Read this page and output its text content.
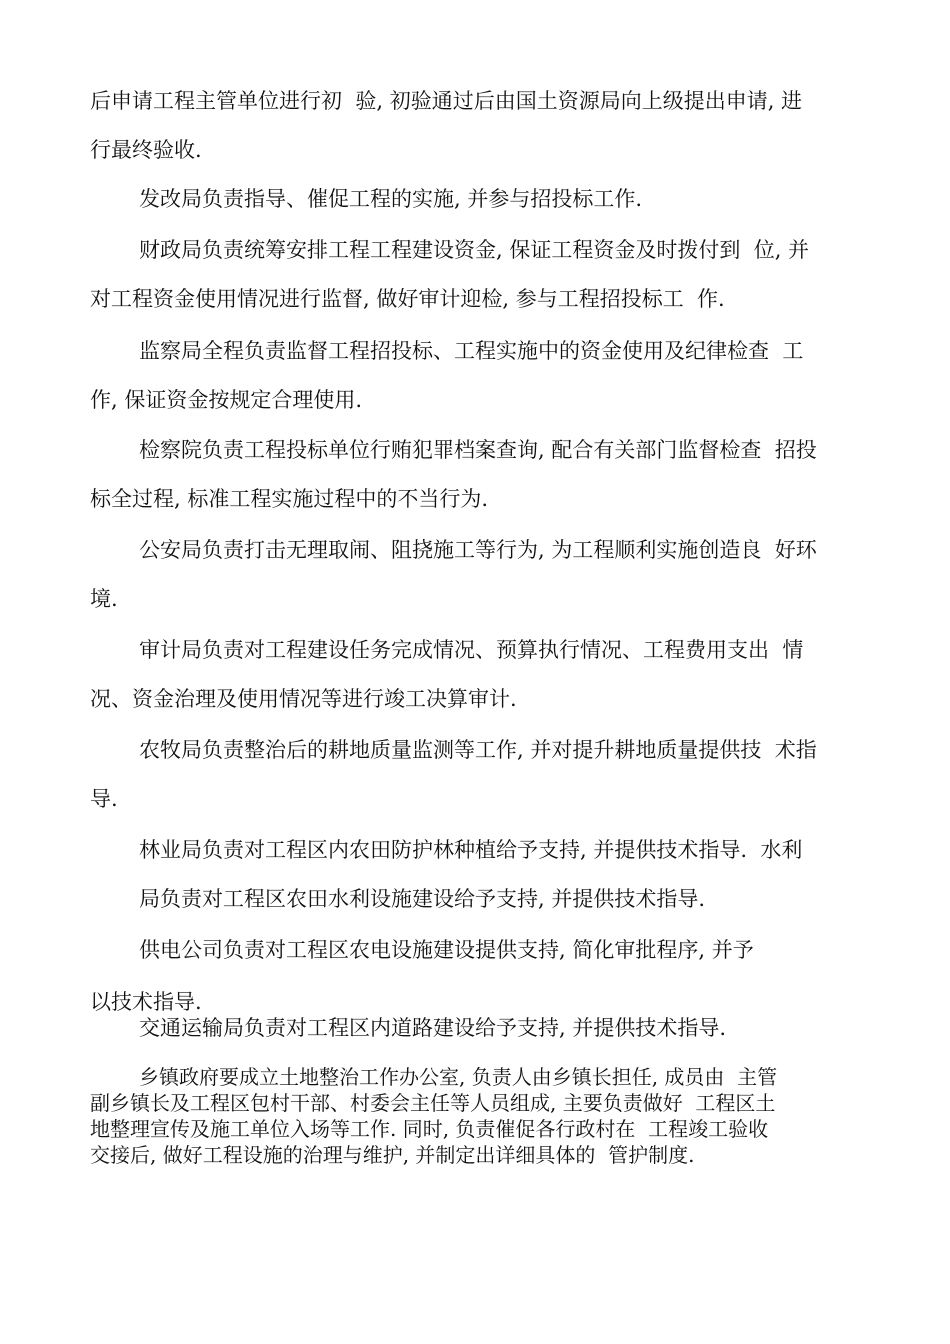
后申请工程主管单位进行初  验, 初验通过后由国土资源局向上级提出申请, 进

行最终验收.

发改局负责指导、催促工程的实施, 并参与招投标工作.

财政局负责统筹安排工程工程建设资金, 保证工程资金及时拨付到  位, 并

对工程资金使用情况进行监督, 做好审计迎检, 参与工程招投标工  作.

监察局全程负责监督工程招投标、工程实施中的资金使用及纪律检查  工

作, 保证资金按规定合理使用.

检察院负责工程投标单位行贿犯罪档案查询, 配合有关部门监督检查  招投

标全过程, 标准工程实施过程中的不当行为.

公安局负责打击无理取闹、阻挠施工等行为, 为工程顺利实施创造良  好环

境.

审计局负责对工程建设任务完成情况、预算执行情况、工程费用支出  情

况、资金治理及使用情况等进行竣工决算审计.

农牧局负责整治后的耕地质量监测等工作, 并对提升耕地质量提供技  术指

导.

林业局负责对工程区内农田防护林种植给予支持, 并提供技术指导.  水利

局负责对工程区农田水利设施建设给予支持, 并提供技术指导.

供电公司负责对工程区农电设施建设提供支持, 简化审批程序, 并予

以技术指导.

交通运输局负责对工程区内道路建设给予支持, 并提供技术指导.

乡镇政府要成立土地整治工作办公室, 负责人由乡镇长担任, 成员由  主管

副乡镇长及工程区包村干部、村委会主任等人员组成, 主要负责做好  工程区土

地整理宣传及施工单位入场等工作. 同时, 负责催促各行政村在  工程竣工验收

交接后, 做好工程设施的治理与维护, 并制定出详细具体的  管护制度.
